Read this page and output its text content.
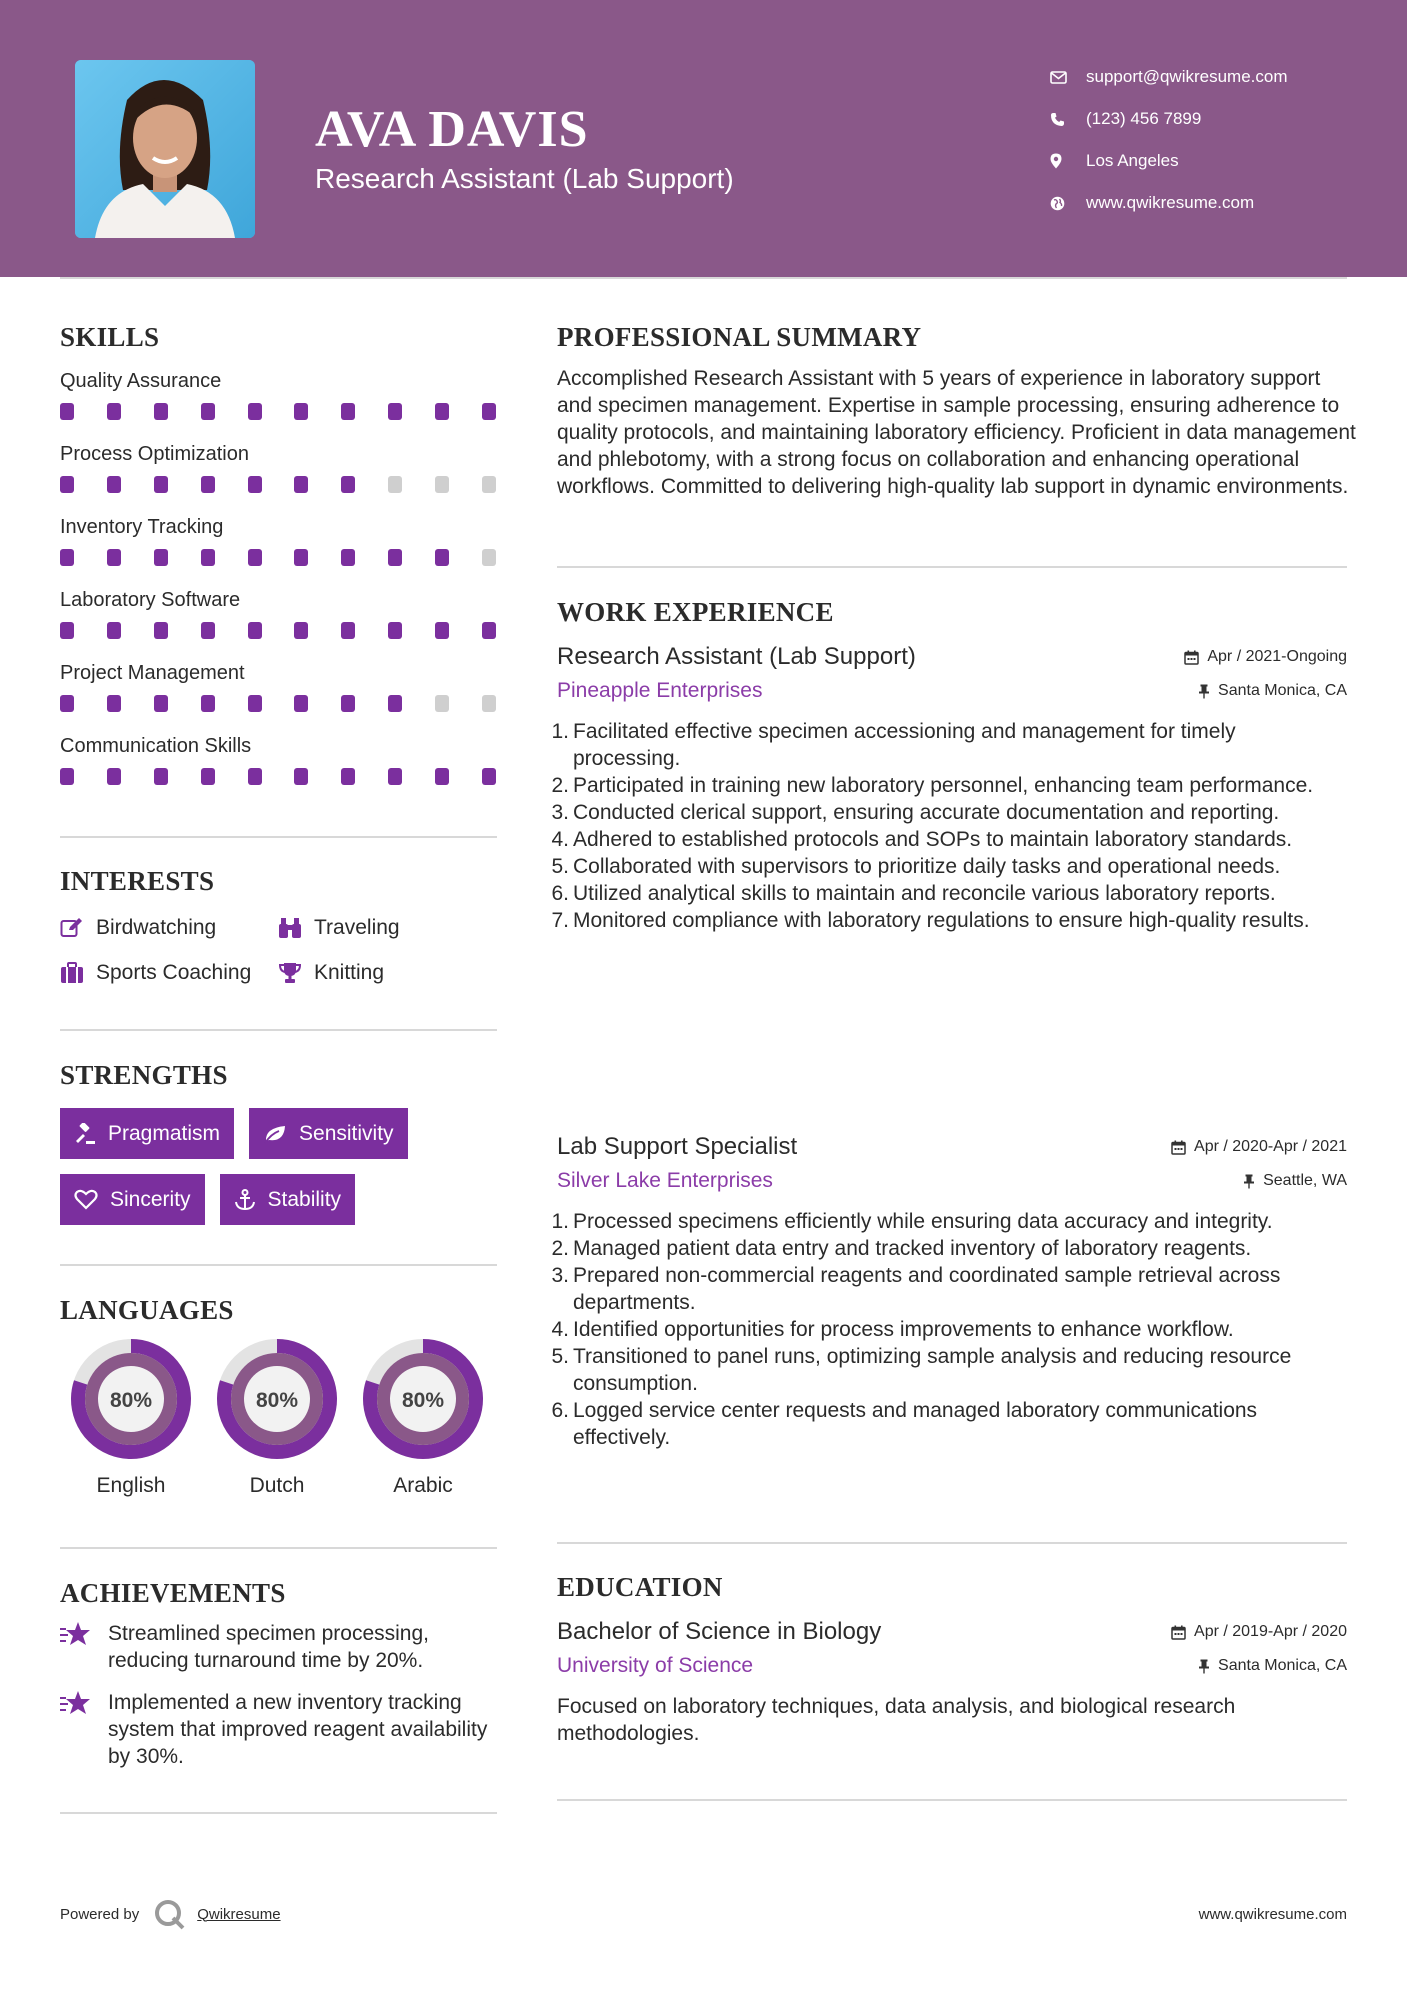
AVA DAVIS
Research Assistant (Lab Support)
support@qwikresume.com
(123) 456 7899
Los Angeles
www.qwikresume.com
SKILLS
Quality Assurance
Process Optimization
Inventory Tracking
Laboratory Software
Project Management
Communication Skills
INTERESTS
Birdwatching	Traveling
Sports Coaching	Knitting
STRENGTHS
Pragmatism	Sensitivity
Sincerity	Stability
LANGUAGES
80%
English
80%
Dutch
80%
Arabic
ACHIEVEMENTS
Streamlined specimen processing, reducing turnaround time by 20%.
Implemented a new inventory tracking system that improved reagent availability by 30%.
PROFESSIONAL SUMMARY
Accomplished Research Assistant with 5 years of experience in laboratory support and specimen management. Expertise in sample processing, ensuring adherence to quality protocols, and maintaining laboratory efficiency. Proficient in data management and phlebotomy, with a strong focus on collaboration and enhancing operational workflows. Committed to delivering high-quality lab support in dynamic environments.
WORK EXPERIENCE
Research Assistant (Lab Support)	Apr / 2021-Ongoing
Pineapple Enterprises	Santa Monica, CA
1. Facilitated effective specimen accessioning and management for timely processing.
2. Participated in training new laboratory personnel, enhancing team performance.
3. Conducted clerical support, ensuring accurate documentation and reporting.
4. Adhered to established protocols and SOPs to maintain laboratory standards.
5. Collaborated with supervisors to prioritize daily tasks and operational needs.
6. Utilized analytical skills to maintain and reconcile various laboratory reports.
7. Monitored compliance with laboratory regulations to ensure high-quality results.
Lab Support Specialist	Apr / 2020-Apr / 2021
Silver Lake Enterprises	Seattle, WA
1. Processed specimens efficiently while ensuring data accuracy and integrity.
2. Managed patient data entry and tracked inventory of laboratory reagents.
3. Prepared non-commercial reagents and coordinated sample retrieval across departments.
4. Identified opportunities for process improvements to enhance workflow.
5. Transitioned to panel runs, optimizing sample analysis and reducing resource consumption.
6. Logged service center requests and managed laboratory communications effectively.
EDUCATION
Bachelor of Science in Biology	Apr / 2019-Apr / 2020
University of Science	Santa Monica, CA
Focused on laboratory techniques, data analysis, and biological research methodologies.
Powered by	Qwikresume	www.qwikresume.com
